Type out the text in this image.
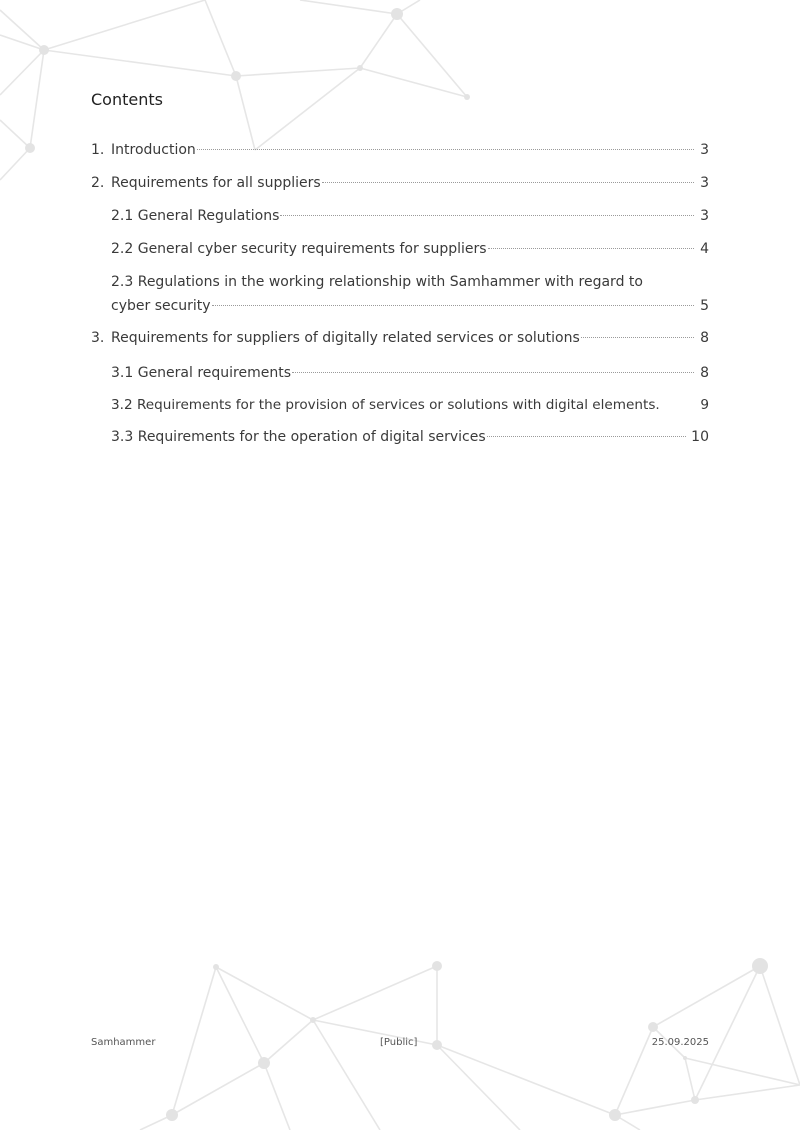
Contents
1. Introduction	3
2. Requirements for all suppliers	3
2.1 General Regulations	3
2.2 General cyber security requirements for suppliers	4
2.3 Regulations in the working relationship with Samhammer with regard to
cyber security	5
3. Requirements for suppliers of digitally related services or solutions	8
3.1 General requirements	8
3.2 Requirements for the provision of services or solutions with digital elements.	9
3.3 Requirements for the operation of digital services	10
Samhammer	[Public]	25.09.2025
